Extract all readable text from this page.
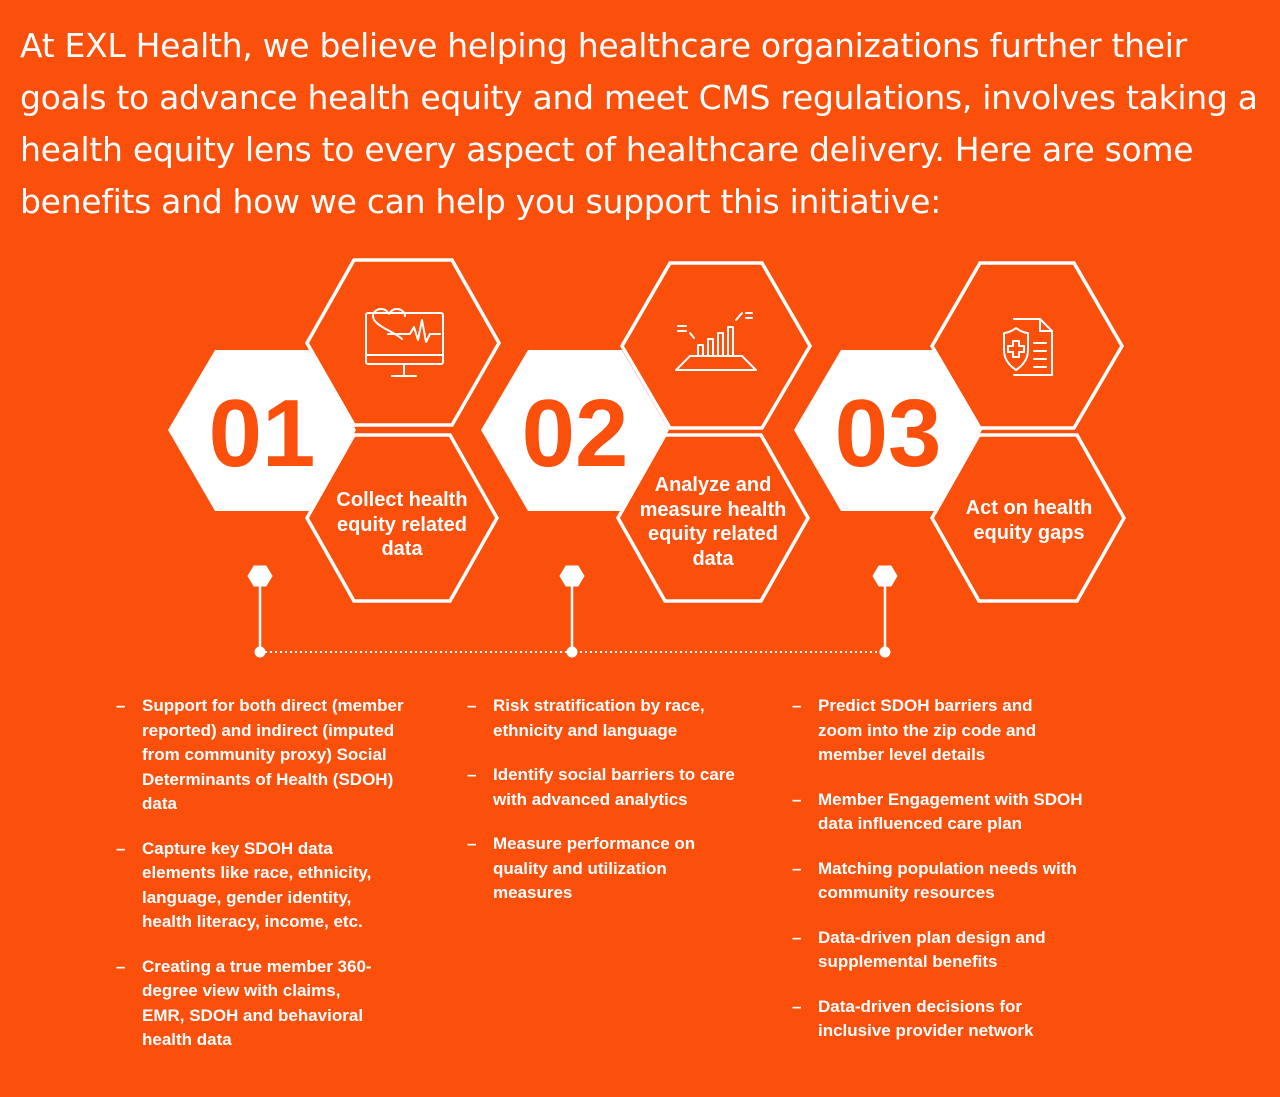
At EXL Health, we believe helping healthcare organizations further their goals to advance health equity and meet CMS regulations, involves taking a health equity lens to every aspect of healthcare delivery. Here are some benefits and how we can help you support this initiative:
01 02 03
Collect health equity related data
Analyze and measure health equity related data
Act on health equity gaps
– Support for both direct (member reported) and indirect (imputed from community proxy) Social Determinants of Health (SDOH) data
– Capture key SDOH data elements like race, ethnicity, language, gender identity, health literacy, income, etc.
– Creating a true member 360-degree view with claims, EMR, SDOH and behavioral health data
– Risk stratification by race, ethnicity and language
– Identify social barriers to care with advanced analytics
– Measure performance on quality and utilization measures
– Predict SDOH barriers and zoom into the zip code and member level details
– Member Engagement with SDOH data influenced care plan
– Matching population needs with community resources
– Data-driven plan design and supplemental benefits
– Data-driven decisions for inclusive provider network
